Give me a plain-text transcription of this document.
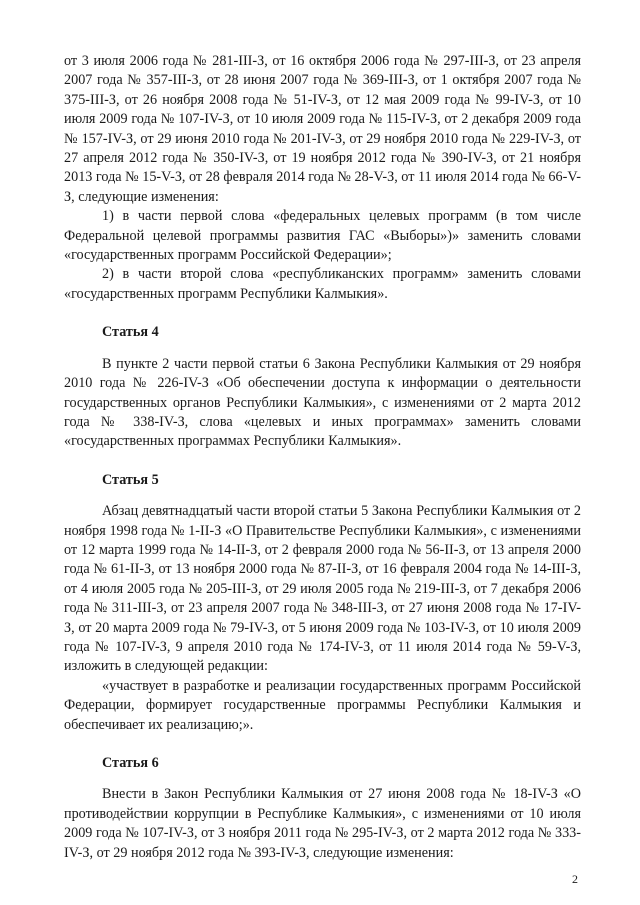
от 3 июля 2006 года № 281-III-З, от 16 октября 2006 года № 297-III-З, от 23 апреля 2007 года № 357-III-З, от 28 июня 2007 года № 369-III-З, от 1 октября 2007 года № 375-III-З, от 26 ноября 2008 года № 51-IV-З, от 12 мая 2009 года № 99-IV-З, от 10 июля 2009 года № 107-IV-З, от 10 июля 2009 года № 115-IV-З, от 2 декабря 2009 года № 157-IV-З, от 29 июня 2010 года № 201-IV-З, от 29 ноября 2010 года № 229-IV-З, от 27 апреля 2012 года № 350-IV-З, от 19 ноября 2012 года № 390-IV-З, от 21 ноября 2013 года № 15-V-З, от 28 февраля 2014 года № 28-V-З, от 11 июля 2014 года № 66-V-З, следующие изменения:

1) в части первой слова «федеральных целевых программ (в том числе Федеральной целевой программы развития ГАС «Выборы»)» заменить словами «государственных программ Российской Федерации»;

2) в части второй слова «республиканских программ» заменить словами «государственных программ Республики Калмыкия».

Статья 4

В пункте 2 части первой статьи 6 Закона Республики Калмыкия от 29 ноября 2010 года № 226-IV-З «Об обеспечении доступа к информации о деятельности государственных органов Республики Калмыкия», с изменениями от 2 марта 2012 года № 338-IV-З, слова «целевых и иных программах» заменить словами «государственных программах Республики Калмыкия».

Статья 5

Абзац девятнадцатый части второй статьи 5 Закона Республики Калмыкия от 2 ноября 1998 года № 1-II-З «О Правительстве Республики Калмыкия», с изменениями от 12 марта 1999 года № 14-II-З, от 2 февраля 2000 года № 56-II-З, от 13 апреля 2000 года № 61-II-З, от 13 ноября 2000 года № 87-II-З, от 16 февраля 2004 года № 14-III-З, от 4 июля 2005 года № 205-III-З, от 29 июля 2005 года № 219-III-З, от 7 декабря 2006 года № 311-III-З, от 23 апреля 2007 года № 348-III-З, от 27 июня 2008 года № 17-IV-З, от 20 марта 2009 года № 79-IV-З, от 5 июня 2009 года № 103-IV-З, от 10 июля 2009 года № 107-IV-З, 9 апреля 2010 года № 174-IV-З, от 11 июля 2014 года № 59-V-З, изложить в следующей редакции:

«участвует в разработке и реализации государственных программ Российской Федерации, формирует государственные программы Республики Калмыкия и обеспечивает их реализацию;».

Статья 6

Внести в Закон Республики Калмыкия от 27 июня 2008 года № 18-IV-З «О противодействии коррупции в Республике Калмыкия», с изменениями от 10 июля 2009 года № 107-IV-З, от 3 ноября 2011 года № 295-IV-З, от 2 марта 2012 года № 333-IV-З, от 29 ноября 2012 года № 393-IV-З, следующие изменения:

2
